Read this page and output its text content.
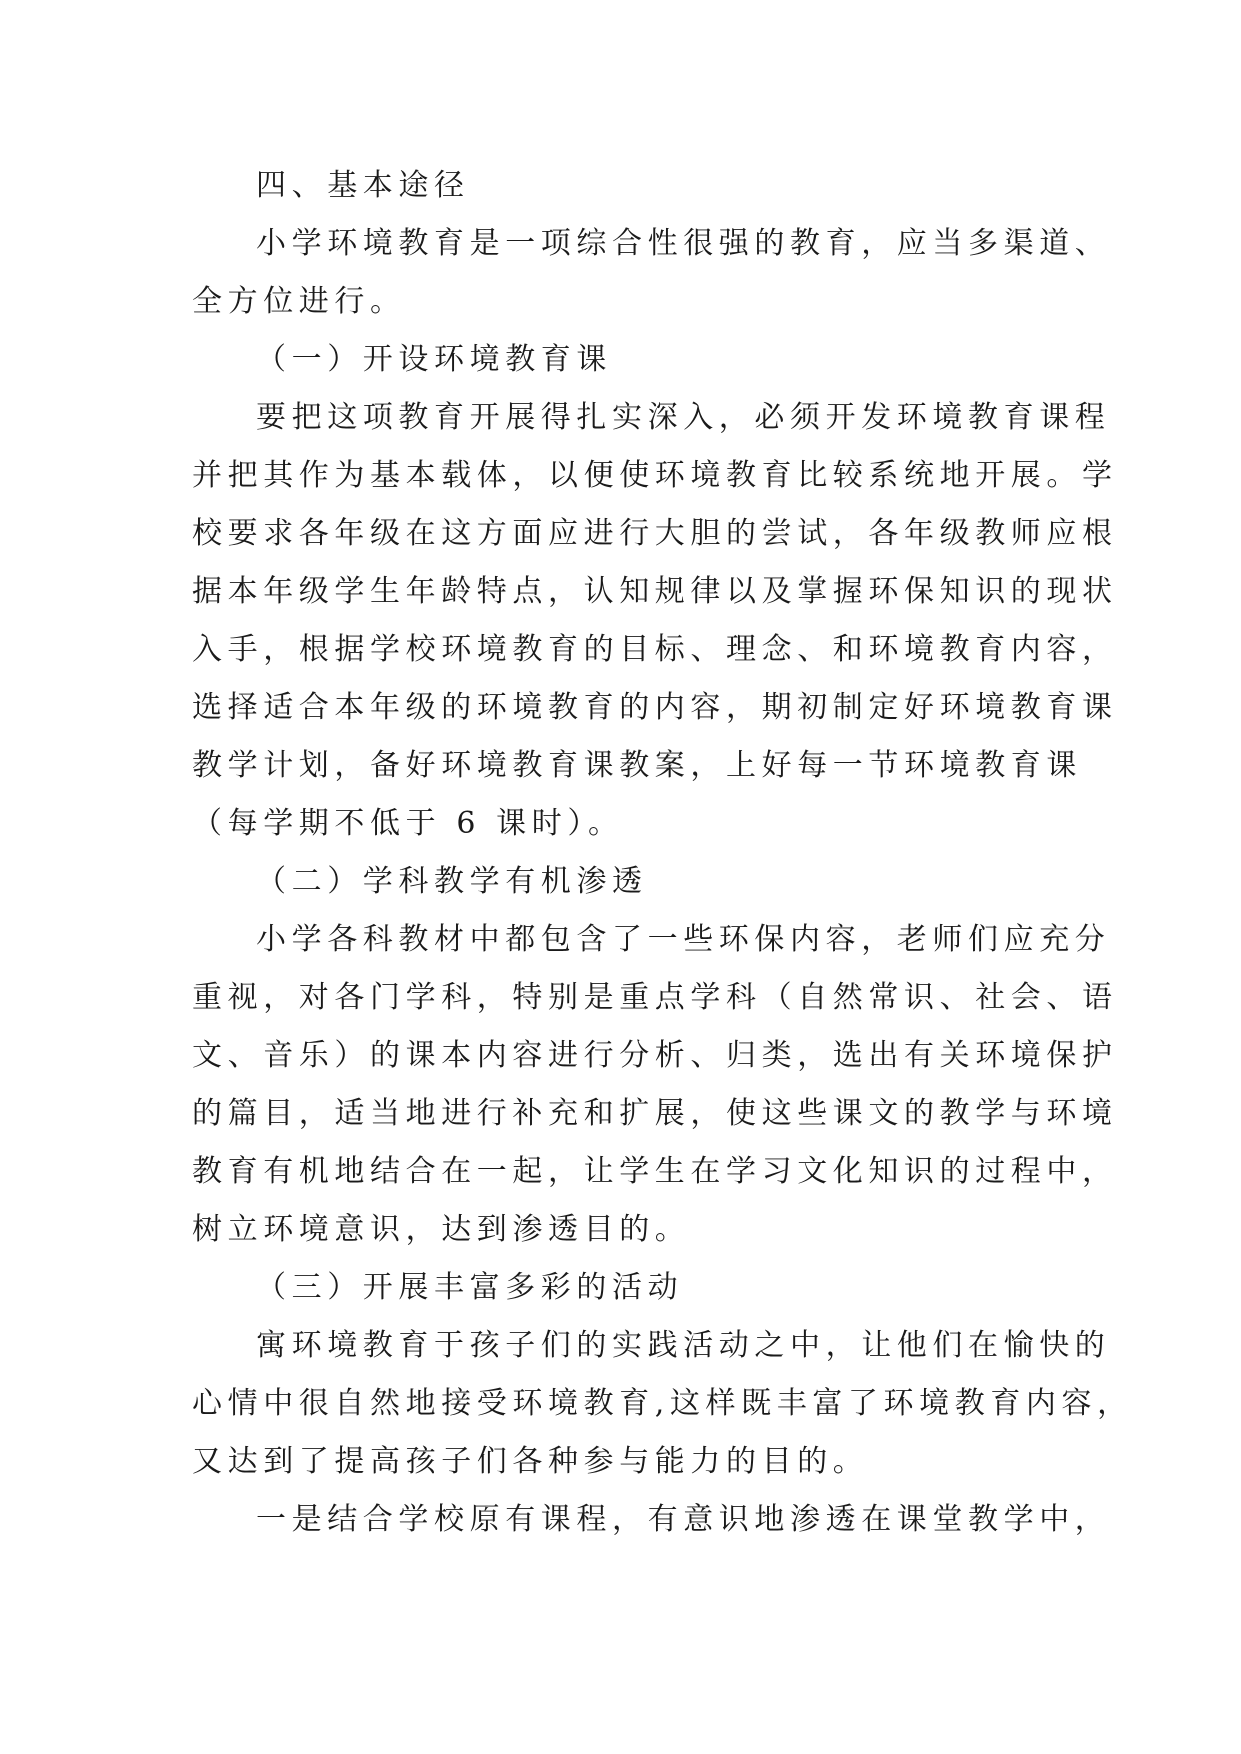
四、基本途径
小学环境教育是一项综合性很强的教育，应当多渠道、
全方位进行。
（一）开设环境教育课
要把这项教育开展得扎实深入，必须开发环境教育课程
并把其作为基本载体，以便使环境教育比较系统地开展。学
校要求各年级在这方面应进行大胆的尝试，各年级教师应根
据本年级学生年龄特点，认知规律以及掌握环保知识的现状
入手，根据学校环境教育的目标、理念、和环境教育内容，
选择适合本年级的环境教育的内容，期初制定好环境教育课
教学计划，备好环境教育课教案，上好每一节环境教育课
（每学期不低于 6 课时）。
（二）学科教学有机渗透
小学各科教材中都包含了一些环保内容，老师们应充分
重视，对各门学科，特别是重点学科（自然常识、社会、语
文、音乐）的课本内容进行分析、归类，选出有关环境保护
的篇目，适当地进行补充和扩展，使这些课文的教学与环境
教育有机地结合在一起，让学生在学习文化知识的过程中，
树立环境意识，达到渗透目的。
（三）开展丰富多彩的活动
寓环境教育于孩子们的实践活动之中，让他们在愉快的
心情中很自然地接受环境教育,这样既丰富了环境教育内容，
又达到了提高孩子们各种参与能力的目的。
一是结合学校原有课程，有意识地渗透在课堂教学中，
